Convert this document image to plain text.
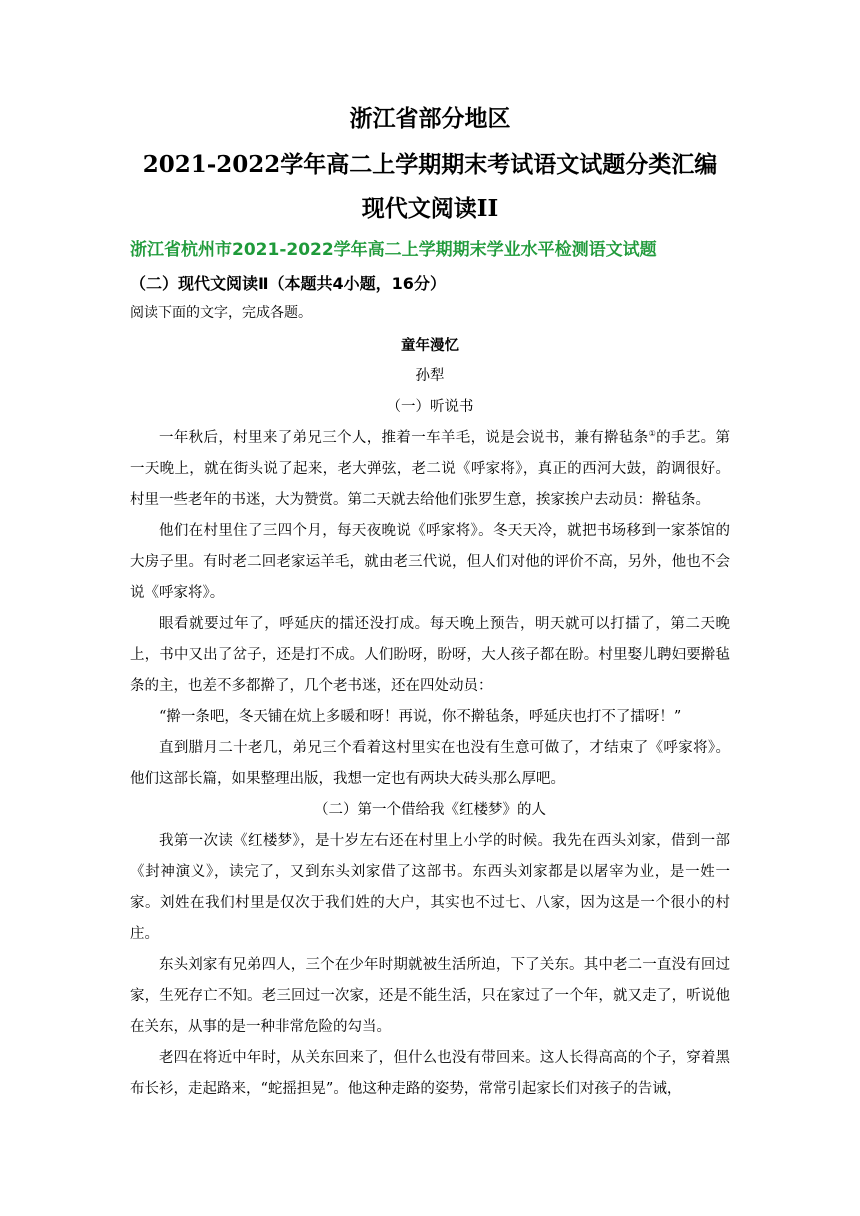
浙江省部分地区
2021-2022学年高二上学期期末考试语文试题分类汇编
现代文阅读II
浙江省杭州市2021-2022学年高二上学期期末学业水平检测语文试题
（二）现代文阅读Ⅱ（本题共4小题，16分）
阅读下面的文字，完成各题。

童年漫忆

孙犁

（一）听说书

一年秋后，村里来了弟兄三个人，推着一车羊毛，说是会说书，兼有擀毡条①的手艺。第一天晚上，就在街头说了起来，老大弹弦，老二说《呼家将》，真正的西河大鼓，韵调很好。村里一些老年的书迷，大为赞赏。第二天就去给他们张罗生意，挨家挨户去动员：擀毡条。

他们在村里住了三四个月，每天夜晚说《呼家将》。冬天天冷，就把书场移到一家茶馆的大房子里。有时老二回老家运羊毛，就由老三代说，但人们对他的评价不高，另外，他也不会说《呼家将》。

眼看就要过年了，呼延庆的擂还没打成。每天晚上预告，明天就可以打擂了，第二天晚上，书中又出了岔子，还是打不成。人们盼呀，盼呀，大人孩子都在盼。村里娶儿聘妇要擀毡条的主，也差不多都擀了，几个老书迷，还在四处动员：

“擀一条吧，冬天铺在炕上多暖和呀！再说，你不擀毡条，呼延庆也打不了擂呀！”

直到腊月二十老几，弟兄三个看着这村里实在也没有生意可做了，才结束了《呼家将》。他们这部长篇，如果整理出版，我想一定也有两块大砖头那么厚吧。

（二）第一个借给我《红楼梦》的人

我第一次读《红楼梦》，是十岁左右还在村里上小学的时候。我先在西头刘家，借到一部《封神演义》，读完了，又到东头刘家借了这部书。东西头刘家都是以屠宰为业，是一姓一家。刘姓在我们村里是仅次于我们姓的大户，其实也不过七、八家，因为这是一个很小的村庄。

东头刘家有兄弟四人，三个在少年时期就被生活所迫，下了关东。其中老二一直没有回过家，生死存亡不知。老三回过一次家，还是不能生活，只在家过了一个年，就又走了，听说他在关东，从事的是一种非常危险的勾当。

老四在将近中年时，从关东回来了，但什么也没有带回来。这人长得高高的个子，穿着黑布长衫，走起路来，“蛇摇担晃”。他这种走路的姿势，常常引起家长们对孩子的告诫，
